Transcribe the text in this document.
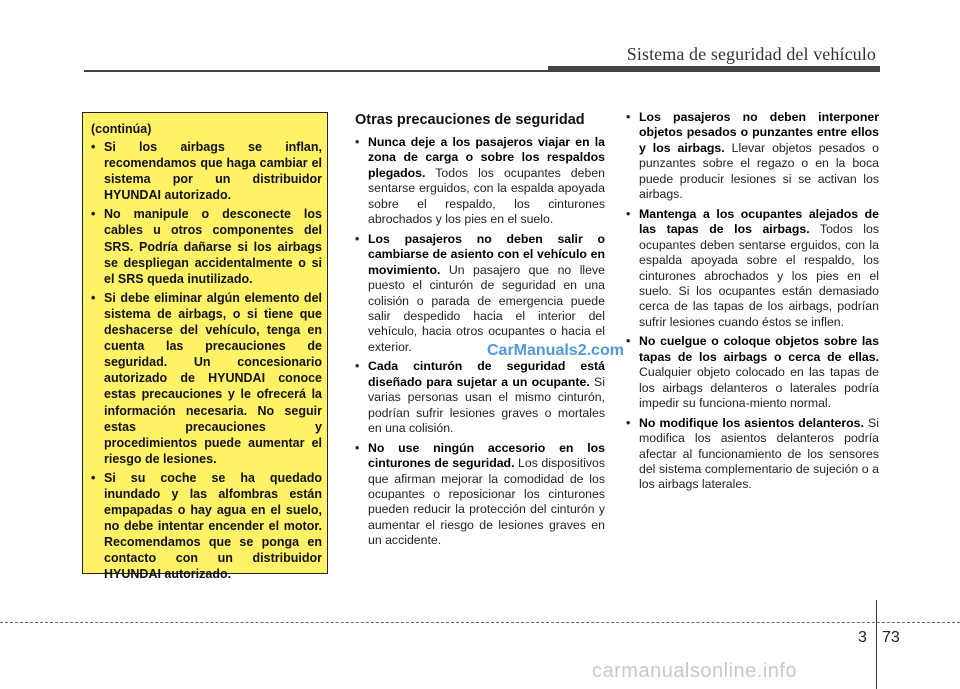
Sistema de seguridad del vehículo
(continúa)
• Si los airbags se inflan, recomendamos que haga cambiar el sistema por un distribuidor HYUNDAI autorizado.
• No manipule o desconecte los cables u otros componentes del SRS. Podría dañarse si los airbags se despliegan accidentalmente o si el SRS queda inutilizado.
• Si debe eliminar algún elemento del sistema de airbags, o si tiene que deshacerse del vehículo, tenga en cuenta las precauciones de seguridad. Un concesionario autorizado de HYUNDAI conoce estas precauciones y le ofrecerá la información necesaria. No seguir estas precauciones y procedimientos puede aumentar el riesgo de lesiones.
• Si su coche se ha quedado inundado y las alfombras están empapadas o hay agua en el suelo, no debe intentar encender el motor. Recomendamos que se ponga en contacto con un distribuidor HYUNDAI autorizado.
Otras precauciones de seguridad
• Nunca deje a los pasajeros viajar en la zona de carga o sobre los respaldos plegados. Todos los ocupantes deben sentarse erguidos, con la espalda apoyada sobre el respaldo, los cinturones abrochados y los pies en el suelo.
• Los pasajeros no deben salir o cambiarse de asiento con el vehículo en movimiento. Un pasajero que no lleve puesto el cinturón de seguridad en una colisión o parada de emergencia puede salir despedido hacia el interior del vehículo, hacia otros ocupantes o hacia el exterior.
• Cada cinturón de seguridad está diseñado para sujetar a un ocupante. Si varias personas usan el mismo cinturón, podrían sufrir lesiones graves o mortales en una colisión.
• No use ningún accesorio en los cinturones de seguridad. Los dispositivos que afirman mejorar la comodidad de los ocupantes o reposicionar los cinturones pueden reducir la protección del cinturón y aumentar el riesgo de lesiones graves en un accidente.
• Los pasajeros no deben interponer objetos pesados o punzantes entre ellos y los airbags. Llevar objetos pesados o punzantes sobre el regazo o en la boca puede producir lesiones si se activan los airbags.
• Mantenga a los ocupantes alejados de las tapas de los airbags. Todos los ocupantes deben sentarse erguidos, con la espalda apoyada sobre el respaldo, los cinturones abrochados y los pies en el suelo. Si los ocupantes están demasiado cerca de las tapas de los airbags, podrían sufrir lesiones cuando éstos se inflen.
• No cuelgue o coloque objetos sobre las tapas de los airbags o cerca de ellas. Cualquier objeto colocado en las tapas de los airbags delanteros o laterales podría impedir su funciona-miento normal.
• No modifique los asientos delanteros. Si modifica los asientos delanteros podría afectar al funcionamiento de los sensores del sistema complementario de sujeción o a los airbags laterales.
CarManuals2.com
3 73
carmanualsonline.info
